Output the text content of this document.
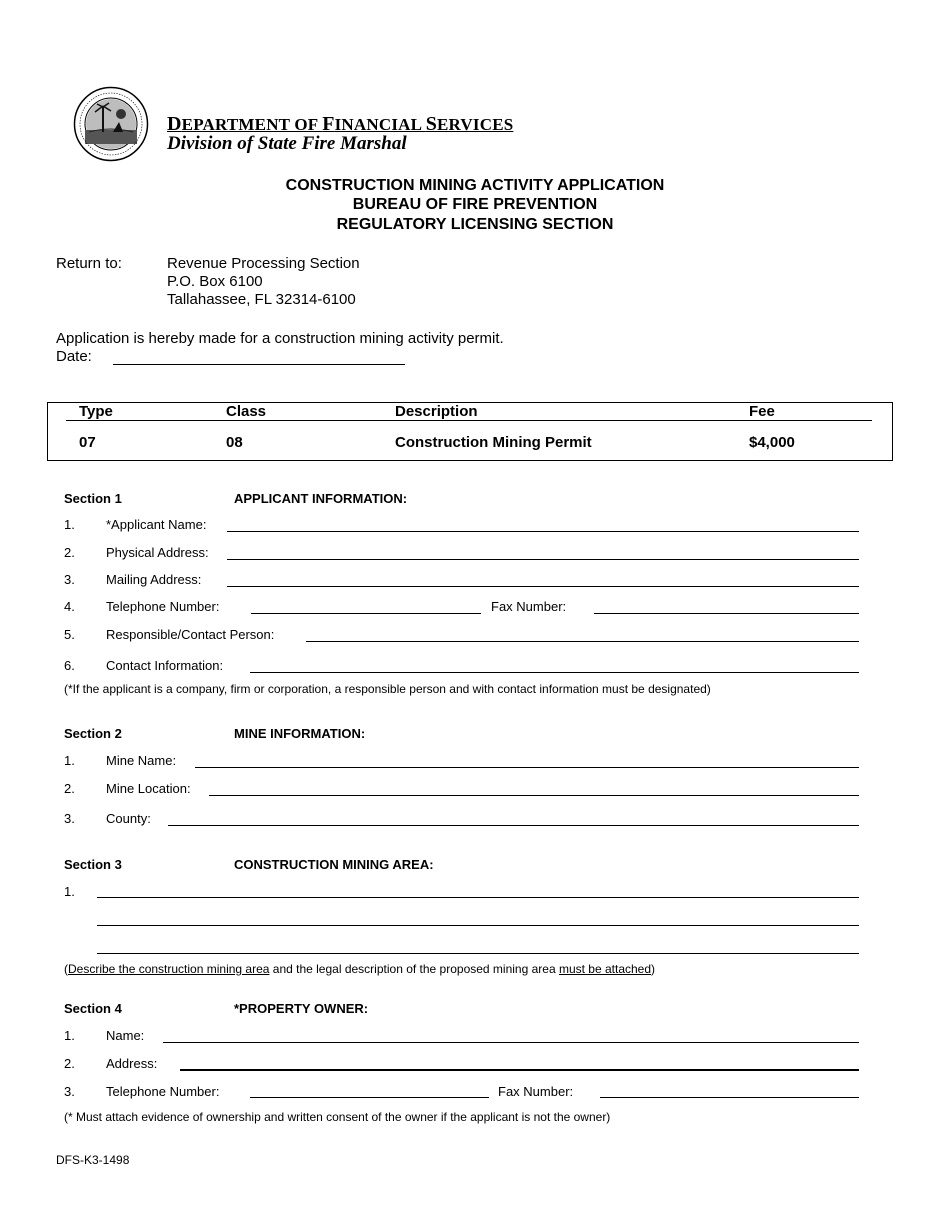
DEPARTMENT OF FINANCIAL SERVICES
Division of State Fire Marshal
CONSTRUCTION MINING ACTIVITY APPLICATION
BUREAU OF FIRE PREVENTION
REGULATORY LICENSING SECTION
Return to:	Revenue Processing Section
P.O. Box 6100
Tallahassee, FL 32314-6100
Application is hereby made for a construction mining activity permit.
Date:
Type	Class	Description	Fee
07	08	Construction Mining Permit	$4,000
Section 1	APPLICANT INFORMATION:
1. *Applicant Name:
2. Physical Address:
3. Mailing Address:
4. Telephone Number:	Fax Number:
5. Responsible/Contact Person:
6. Contact Information:
(*If the applicant is a company, firm or corporation, a responsible person and with contact information must be designated)
Section 2	MINE INFORMATION:
1. Mine Name:
2. Mine Location:
3. County:
Section 3	CONSTRUCTION MINING AREA:
1.
(Describe the construction mining area and the legal description of the proposed mining area must be attached)
Section 4	*PROPERTY OWNER:
1. Name:
2. Address:
3. Telephone Number:	Fax Number:
(* Must attach evidence of ownership and written consent of the owner if the applicant is not the owner)
DFS-K3-1498
